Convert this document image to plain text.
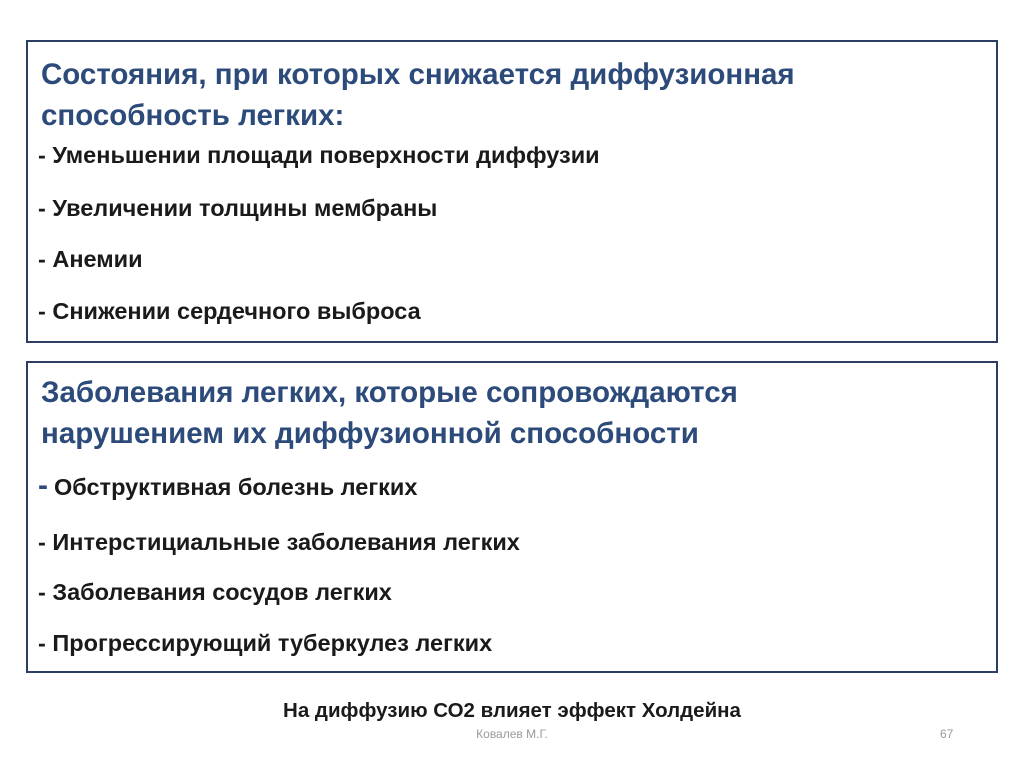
Состояния, при которых снижается диффузионная
способность легких:

- Уменьшении площади поверхности диффузии

- Увеличении толщины мембраны

- Анемии

- Снижении сердечного выброса

Заболевания легких, которые сопровождаются
нарушением их диффузионной способности

- Обструктивная болезнь легких

- Интерстициальные заболевания легких

- Заболевания сосудов легких

- Прогрессирующий туберкулез легких

На диффузию СО2 влияет эффект Холдейна

Ковалев М.Г.	67
